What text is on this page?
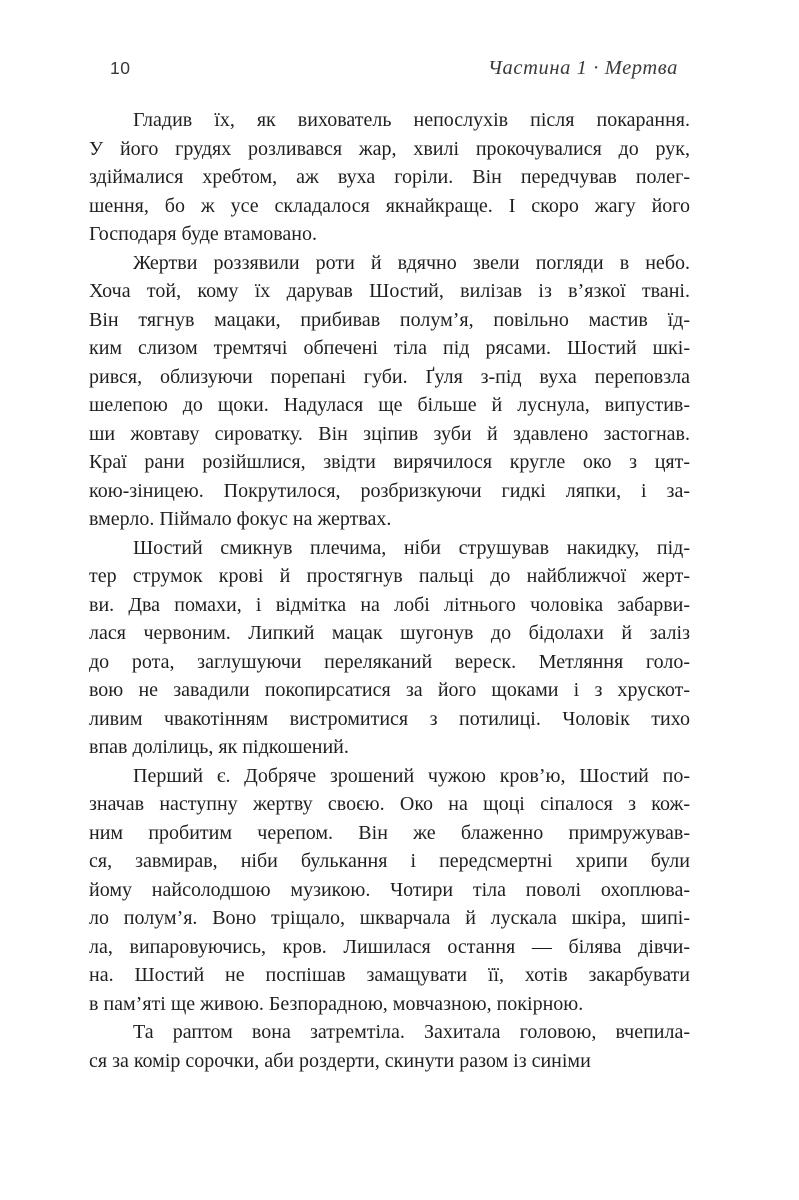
10	Частина 1 · Мертва
Гладив їх, як вихователь непослухів після покарання.
У його грудях розливався жар, хвилі прокочувалися до рук,
здіймалися хребтом, аж вуха горіли. Він передчував полег-
шення, бо ж усе складалося якнайкраще. І скоро жагу його
Господаря буде втамовано.
Жертви роззявили роти й вдячно звели погляди в небо.
Хоча той, кому їх дарував Шостий, вилізав із в’язкої твані.
Він тягнув мацаки, прибивав полум’я, повільно мастив їд-
ким слизом тремтячі обпечені тіла під рясами. Шостий шкі-
рився, облизуючи порепані губи. Ґуля з-під вуха переповзла
шелепою до щоки. Надулася ще більше й луснула, випустив-
ши жовтаву сироватку. Він зціпив зуби й здавлено застогнав.
Краї рани розійшлися, звідти вирячилося кругле око з цят-
кою-зіницею. Покрутилося, розбризкуючи гидкі ляпки, і за-
вмерло. Піймало фокус на жертвах.
Шостий смикнув плечима, ніби струшував накидку, під-
тер струмок крові й простягнув пальці до найближчої жерт-
ви. Два помахи, і відмітка на лобі літнього чоловіка забарви-
лася червоним. Липкий мацак шугонув до бідолахи й заліз
до рота, заглушуючи переляканий вереск. Метляння голо-
вою не завадили покопирсатися за його щоками і з хрускот-
ливим чвакотінням вистромитися з потилиці. Чоловік тихо
впав долілиць, як підкошений.
Перший є. Добряче зрошений чужою кров’ю, Шостий по-
значав наступну жертву своєю. Око на щоці сіпалося з кож-
ним пробитим черепом. Він же блаженно примружував-
ся, завмирав, ніби булькання і передсмертні хрипи були
йому найсолодшою музикою. Чотири тіла поволі охоплюва-
ло полум’я. Воно тріщало, шкварчала й лускала шкіра, шипі-
ла, випаровуючись, кров. Лишилася остання — білява дівчи-
на. Шостий не поспішав замащувати її, хотів закарбувати
в пам’яті ще живою. Безпорадною, мовчазною, покірною.
Та раптом вона затремтіла. Захитала головою, вчепила-
ся за комір сорочки, аби роздерти, скинути разом із синіми
